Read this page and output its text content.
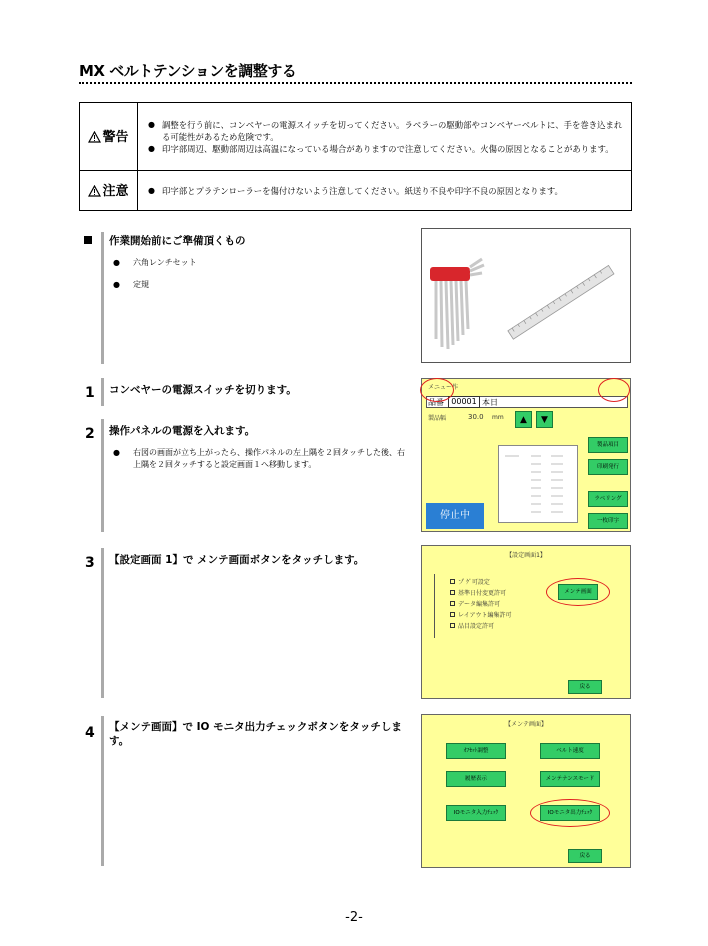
MX ベルトテンションを調整する
警告	● 調整を行う前に、コンベヤーの電源スイッチを切ってください。ラベラーの駆動部やコンベヤーベルトに、手を巻き込まれる可能性があるため危険です。
● 印字部周辺、駆動部周辺は高温になっている場合がありますので注意してください。火傷の原因となることがあります。

注意	● 印字部とプラテンローラーを傷付けないよう注意してください。紙送り不良や印字不良の原因となります。
作業開始前にご準備頂くもの
●	六角レンチセット
●	定規
1 コンベヤーの電源スイッチを切ります。
2 操作パネルの電源を入れます。
●	右図の画面が立ち上がったら、操作パネルの左上隅を２回タッチした後、右上隅を２回タッチすると設定画面１へ移動します。
メニュー作
品番 00001 本日
製品幅	30.0 mm	▲	▼
製品項目
印刷発行
ラベリング
一枚印字
停止中
3 【設定画面 1】で メンテ画面ボタンをタッチします。	【設定画面1】
プ ｸﾞ可設定
基準日付変更許可
データ編集許可
レイアウト編集許可
品目設定許可
メンテ画面
戻る
4 【メンテ画面】で IO モニタ出力チェックボタンをタッチします。
【メンテ画面】
ｵﾌｾｯﾄ調整	ベルト速度
履歴表示	メンテナンスモード
IOモニタ入力ﾁｪｯｸ	IOモニタ出力ﾁｪｯｸ
戻る
-2-
